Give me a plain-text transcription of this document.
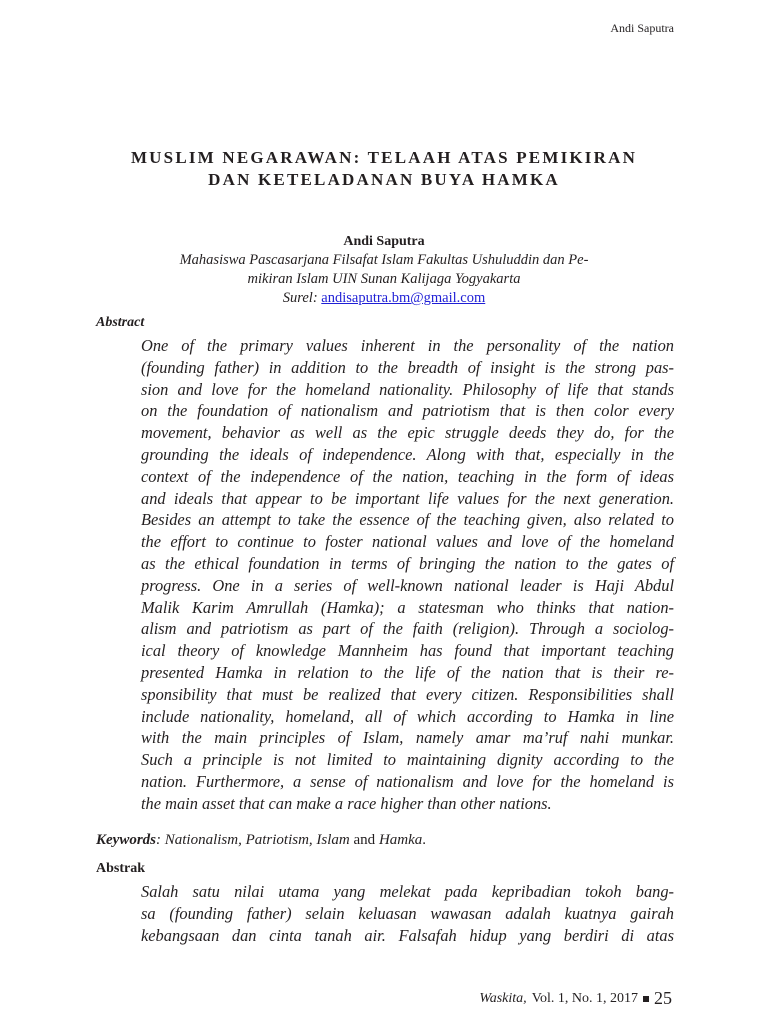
Andi Saputra
MUSLIM NEGARAWAN: TELAAH ATAS PEMIKIRAN
DAN KETELADANAN BUYA HAMKA
Andi Saputra
Mahasiswa Pascasarjana Filsafat Islam Fakultas Ushuluddin dan Pe-
mikiran Islam UIN Sunan Kalijaga Yogyakarta
Surel: andisaputra.bm@gmail.com
Abstract
One of the primary values inherent in the personality of the nation
(founding father) in addition to the breadth of insight is the strong pas-
sion and love for the homeland nationality. Philosophy of life that stands
on the foundation of nationalism and patriotism that is then color every
movement, behavior as well as the epic struggle deeds they do, for the
grounding the ideals of independence. Along with that, especially in the
context of the independence of the nation, teaching in the form of ideas
and ideals that appear to be important life values for the next generation.
Besides an attempt to take the essence of the teaching given, also related to
the effort to continue to foster national values and love of the homeland
as the ethical foundation in terms of bringing the nation to the gates of
progress. One in a series of well-known national leader is Haji Abdul
Malik Karim Amrullah (Hamka); a statesman who thinks that nation-
alism and patriotism as part of the faith (religion). Through a sociolog-
ical theory of knowledge Mannheim has found that important teaching
presented Hamka in relation to the life of the nation that is their re-
sponsibility that must be realized that every citizen. Responsibilities shall
include nationality, homeland, all of which according to Hamka in line
with the main principles of Islam, namely amar ma’ruf nahi munkar.
Such a principle is not limited to maintaining dignity according to the
nation. Furthermore, a sense of nationalism and love for the homeland is
the main asset that can make a race higher than other nations.
Keywords: Nationalism, Patriotism, Islam and Hamka.
Abstrak
Salah satu nilai utama yang melekat pada kepribadian tokoh bang-
sa (founding father) selain keluasan wawasan adalah kuatnya gairah
kebangsaan dan cinta tanah air. Falsafah hidup yang berdiri di atas
Waskita, Vol. 1, No. 1, 2017 25
